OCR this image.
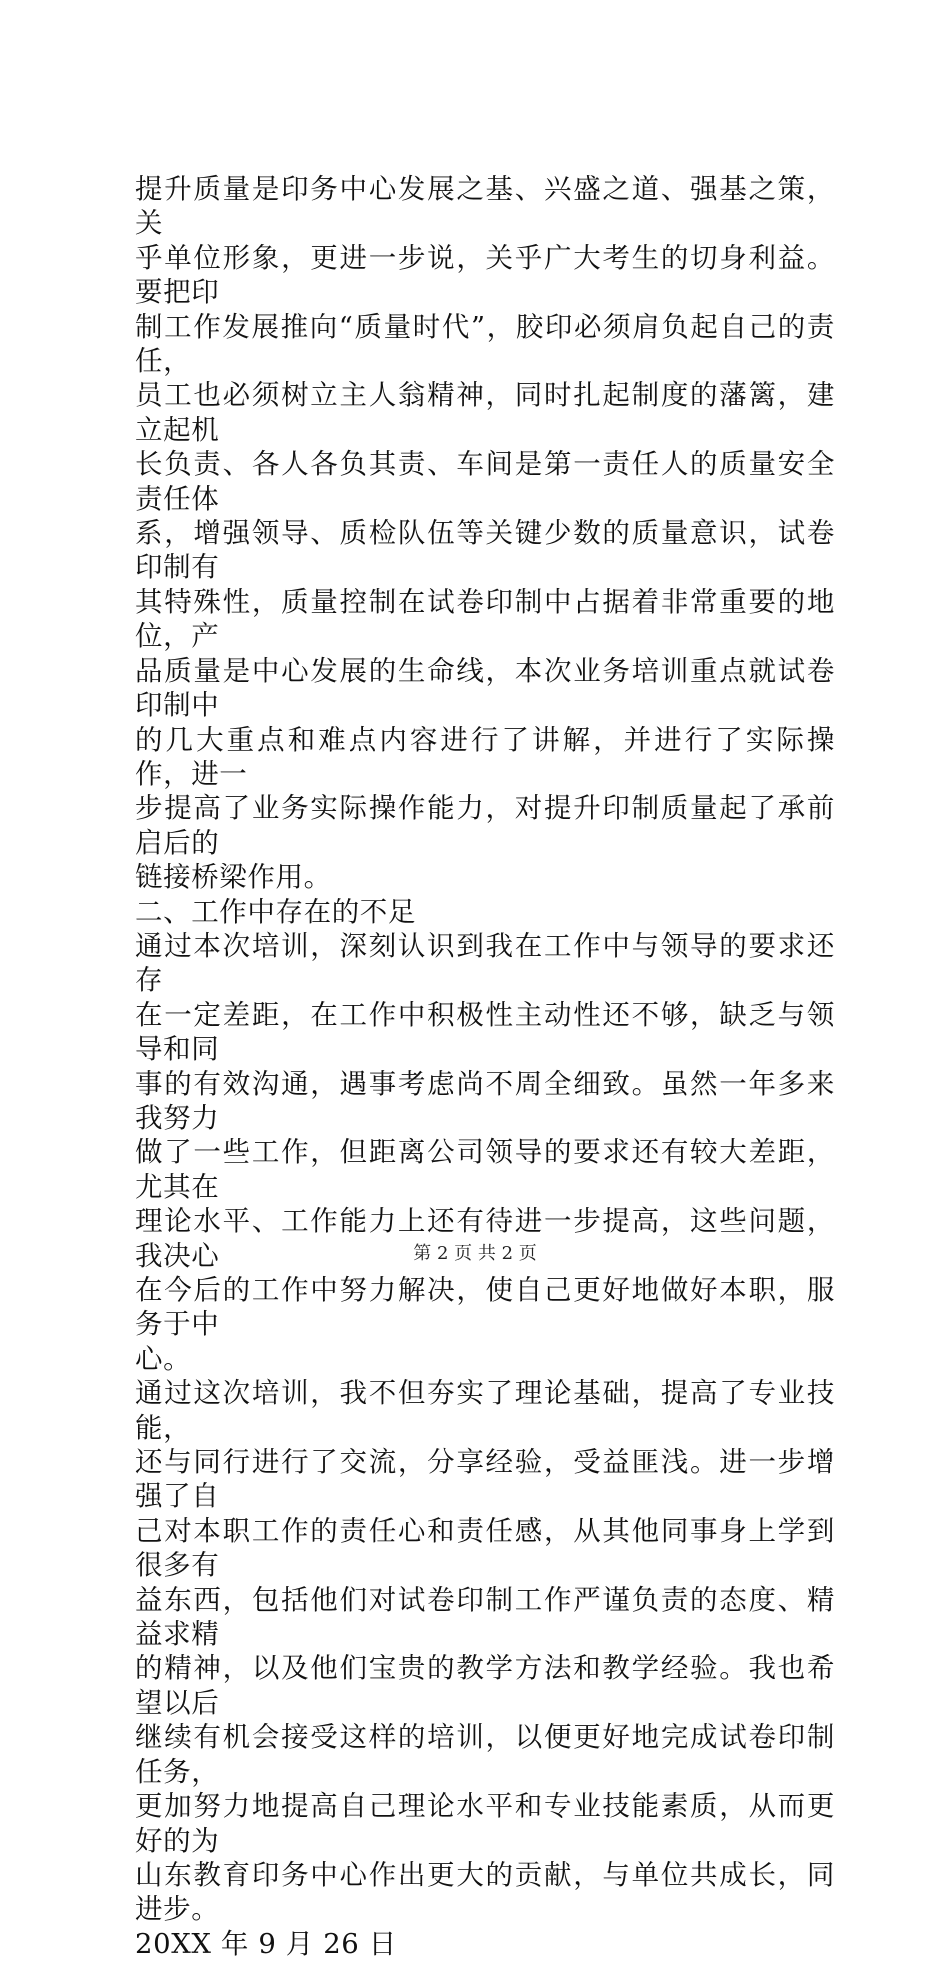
提升质量是印务中心发展之基、兴盛之道、强基之策，关
乎单位形象，更进一步说，关乎广大考生的切身利益。要把印
制工作发展推向“质量时代”，胶印必须肩负起自己的责任，
员工也必须树立主人翁精神，同时扎起制度的藩篱，建立起机
长负责、各人各负其责、车间是第一责任人的质量安全责任体
系，增强领导、质检队伍等关键少数的质量意识，试卷印制有
其特殊性，质量控制在试卷印制中占据着非常重要的地位，产
品质量是中心发展的生命线，本次业务培训重点就试卷印制中
的几大重点和难点内容进行了讲解，并进行了实际操作，进一
步提高了业务实际操作能力，对提升印制质量起了承前启后的
链接桥梁作用。

二、工作中存在的不足

通过本次培训，深刻认识到我在工作中与领导的要求还存
在一定差距，在工作中积极性主动性还不够，缺乏与领导和同
事的有效沟通，遇事考虑尚不周全细致。虽然一年多来我努力
做了一些工作，但距离公司领导的要求还有较大差距，尤其在
理论水平、工作能力上还有待进一步提高，这些问题，我决心
在今后的工作中努力解决，使自己更好地做好本职，服务于中
心。

通过这次培训，我不但夯实了理论基础，提高了专业技能，
还与同行进行了交流，分享经验，受益匪浅。进一步增强了自
己对本职工作的责任心和责任感，从其他同事身上学到很多有
益东西，包括他们对试卷印制工作严谨负责的态度、精益求精
的精神，以及他们宝贵的教学方法和教学经验。我也希望以后
继续有机会接受这样的培训，以便更好地完成试卷印制任务，
更加努力地提高自己理论水平和专业技能素质，从而更好的为
山东教育印务中心作出更大的贡献，与单位共成长，同进步。

20XX 年 9 月 26 日

第 2 页 共 2 页
